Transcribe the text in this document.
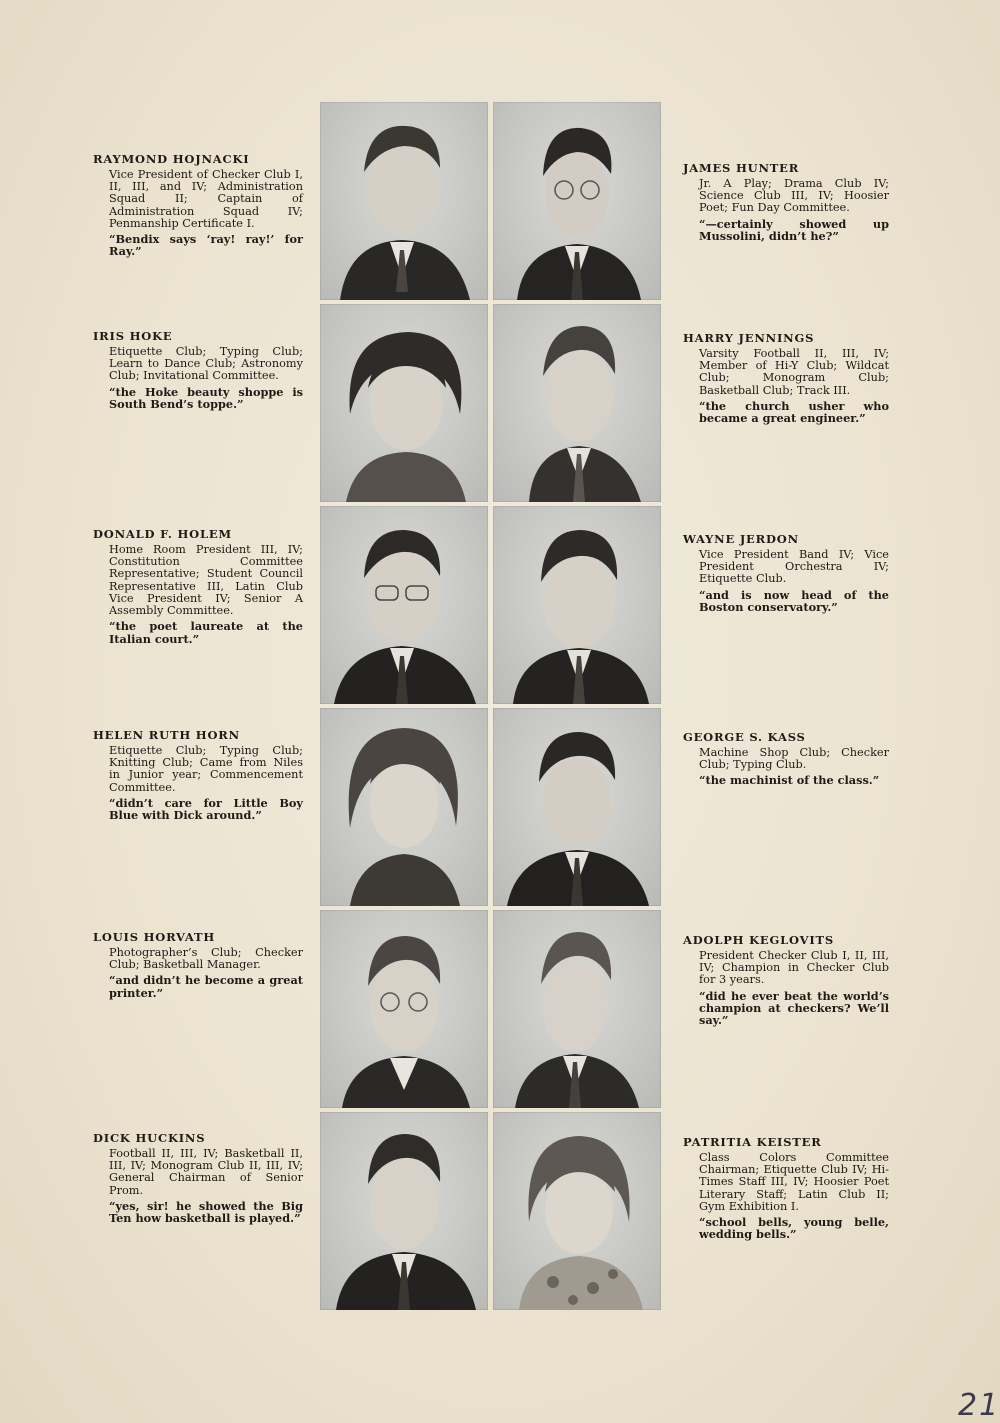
RAYMOND HOJNACKI

Vice President of Checker Club I, II, III, and IV; Administration Squad II; Captain of Administration Squad IV; Penmanship Certificate I.

“Bendix says ‘ray! ray!’ for Ray.”

IRIS HOKE

Etiquette Club; Typing Club; Learn to Dance Club; Astronomy Club; Invitational Committee.

“the Hoke beauty shoppe is South Bend’s toppe.”

DONALD F. HOLEM

Home Room President III, IV; Constitution Committee Representative; Student Council Representative III, Latin Club Vice President IV; Senior A Assembly Committee.

“the poet laureate at the Italian court.”

HELEN RUTH HORN

Etiquette Club; Typing Club; Knitting Club; Came from Niles in Junior year; Commencement Committee.

“didn’t care for Little Boy Blue with Dick around.”

LOUIS HORVATH

Photographer’s Club; Checker Club; Basketball Manager.

“and didn’t he become a great printer.”

DICK HUCKINS

Football II, III, IV; Basketball II, III, IV; Monogram Club II, III, IV; General Chairman of Senior Prom.

“yes, sir! he showed the Big Ten how basketball is played.”

JAMES HUNTER

Jr. A Play; Drama Club IV; Science Club III, IV; Hoosier Poet; Fun Day Committee.

“—certainly showed up Mussolini, didn’t he?”

HARRY JENNINGS

Varsity Football II, III, IV; Member of Hi-Y Club; Wildcat Club; Monogram Club; Basketball Club; Track III.

“the church usher who became a great engineer.”

WAYNE JERDON

Vice President Band IV; Vice President Orchestra IV; Etiquette Club.

“and is now head of the Boston conservatory.”

GEORGE S. KASS

Machine Shop Club; Checker Club; Typing Club.

“the machinist of the class.”

ADOLPH KEGLOVITS

President Checker Club I, II, III, IV; Champion in Checker Club for 3 years.

“did he ever beat the world’s champion at checkers? We’ll say.”

PATRITIA KEISTER

Class Colors Committee Chairman; Etiquette Club IV; Hi-Times Staff III, IV; Hoosier Poet Literary Staff; Latin Club II; Gym Exhibition I.

“school bells, young belle, wedding bells.”

21
